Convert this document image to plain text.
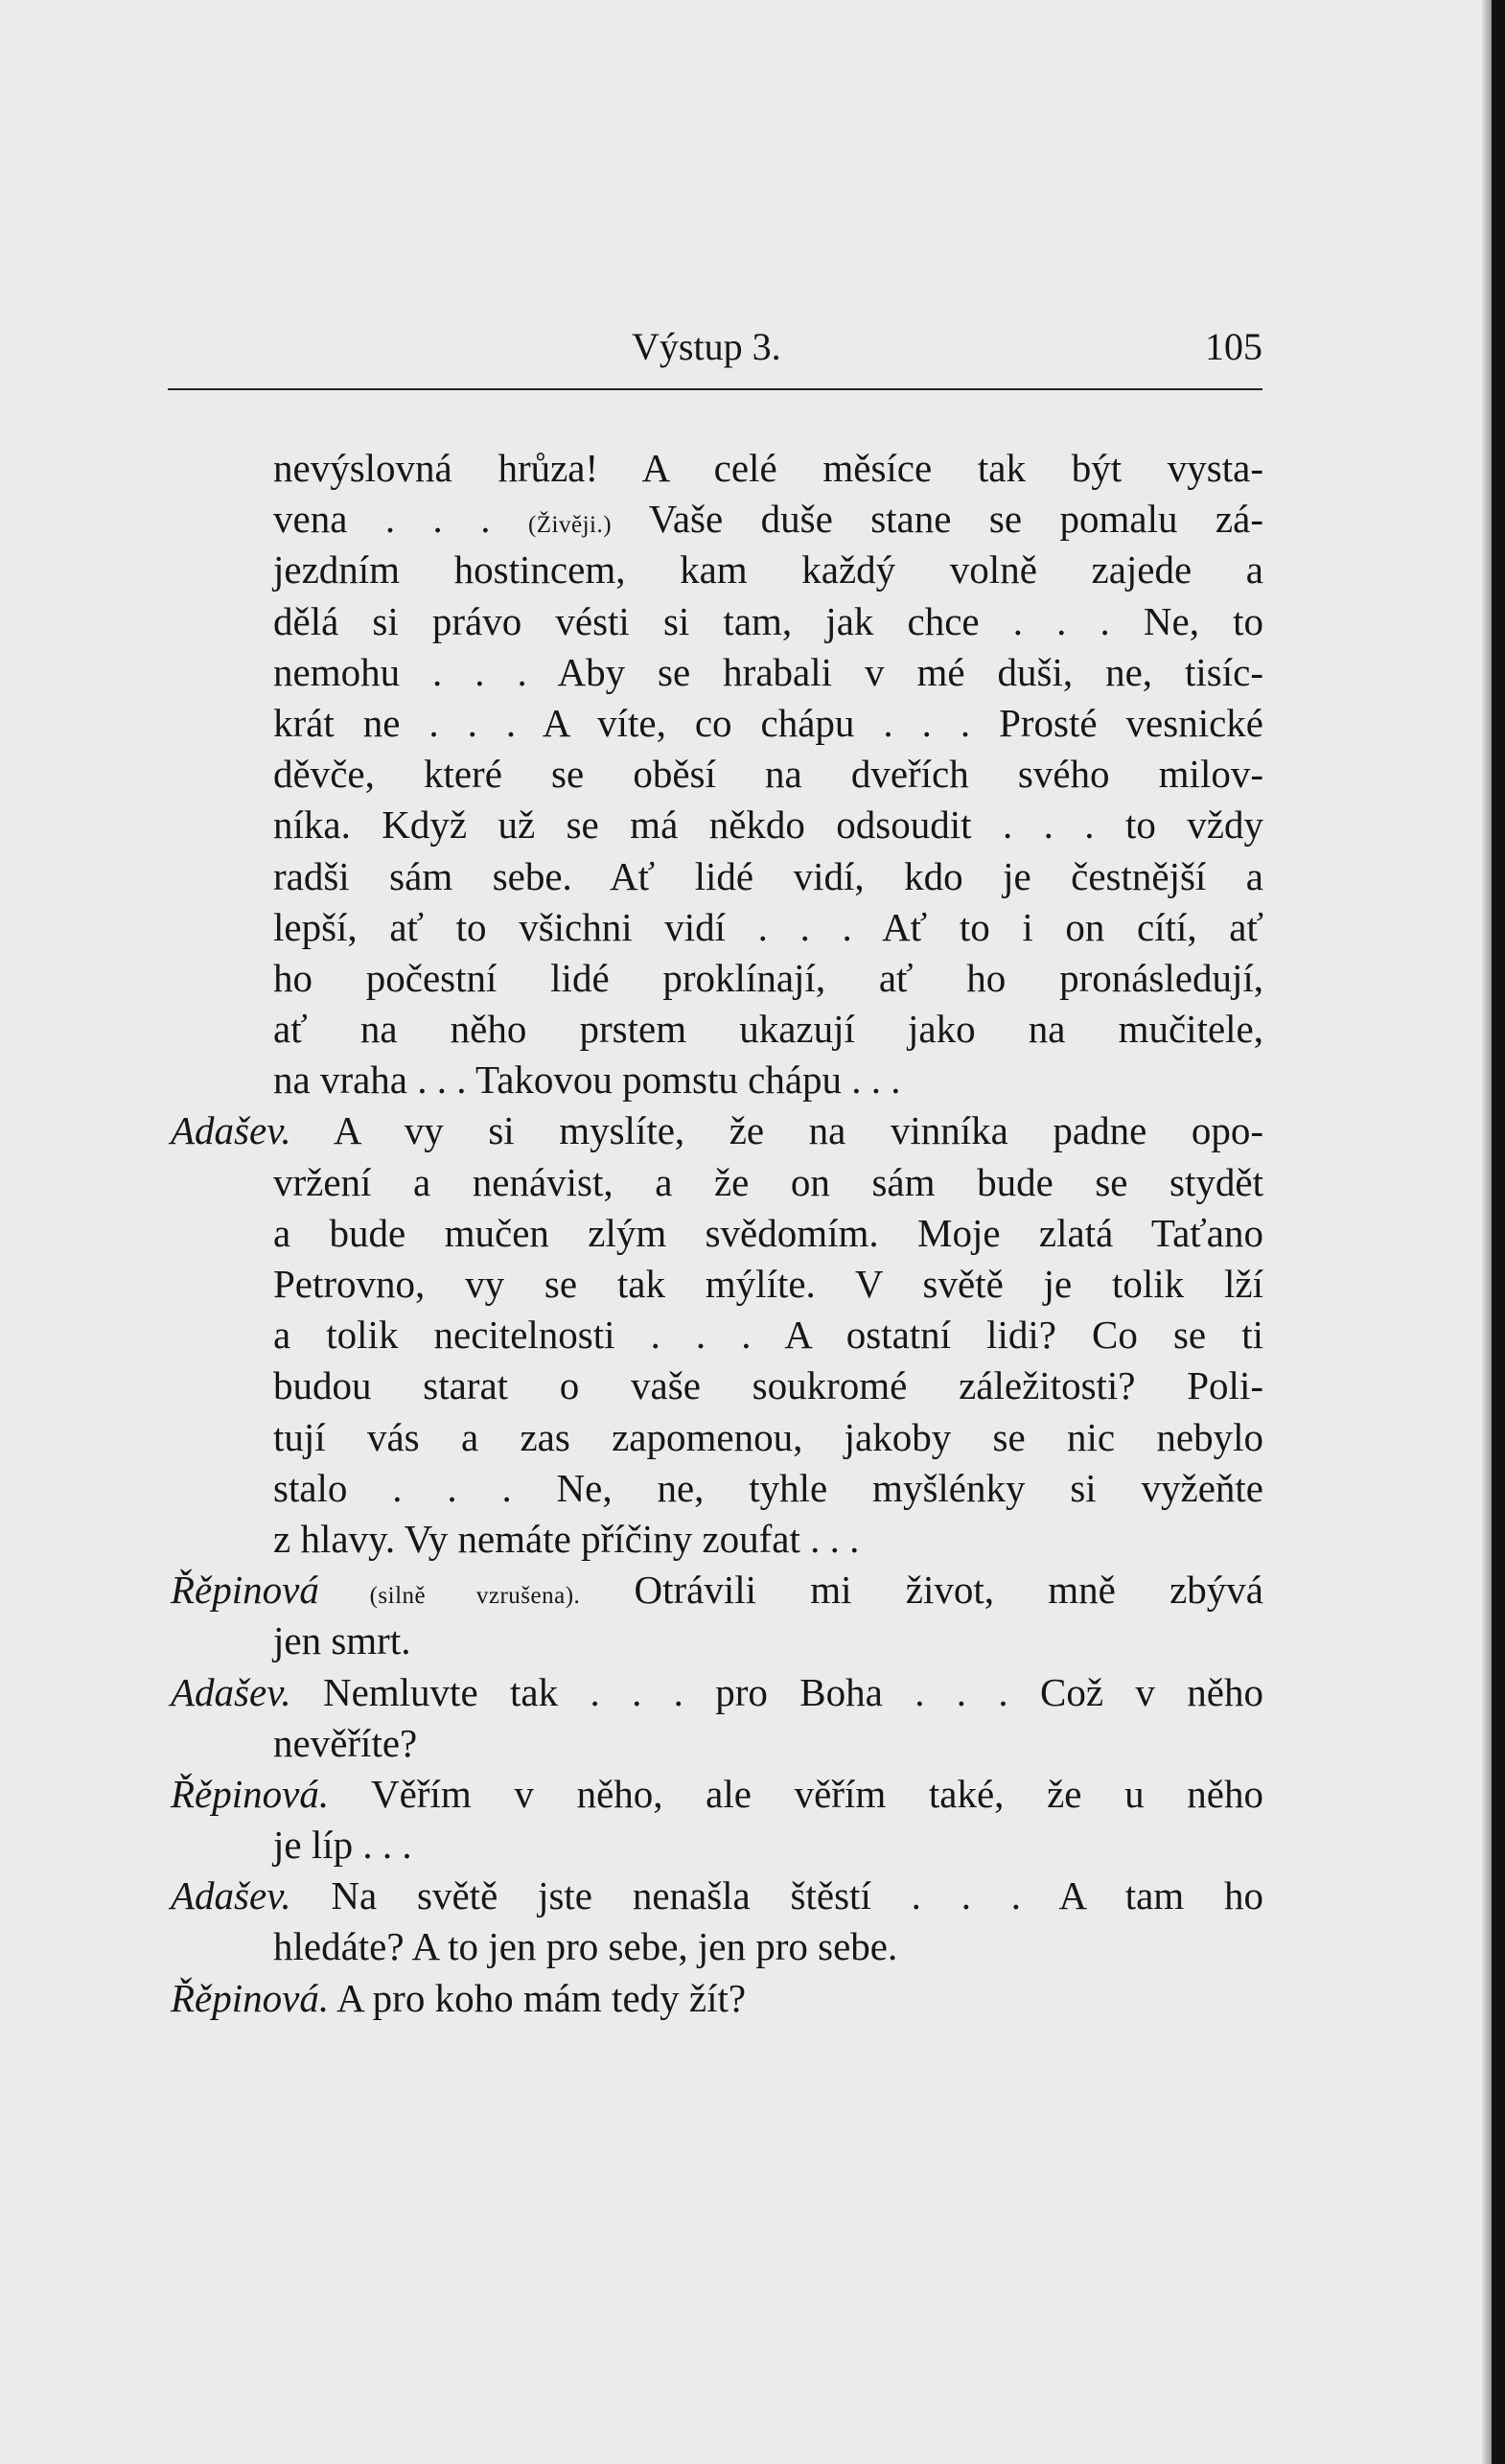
Výstup 3.	105
nevýslovná hrůza! A celé měsíce tak být vysta-
vena . . . (Živěji.) Vaše duše stane se pomalu zá-
jezdním hostincem, kam každý volně zajede a
dělá si právo vésti si tam, jak chce . . . Ne, to
nemohu . . . Aby se hrabali v mé duši, ne, tisíc-
krát ne . . . A víte, co chápu . . . Prosté vesnické
děvče, které se oběsí na dveřích svého milov-
níka. Když už se má někdo odsoudit . . . to vždy
radši sám sebe. Ať lidé vidí, kdo je čestnější a
lepší, ať to všichni vidí . . . Ať to i on cítí, ať
ho počestní lidé proklínají, ať ho pronásledují,
ať na něho prstem ukazují jako na mučitele,
na vraha . . . Takovou pomstu chápu . . .
Adašev. A vy si myslíte, že na vinníka padne opo-
vržení a nenávist, a že on sám bude se stydět
a bude mučen zlým svědomím. Moje zlatá Taťano
Petrovno, vy se tak mýlíte. V světě je tolik lží
a tolik necitelnosti . . . A ostatní lidi? Co se ti
budou starat o vaše soukromé záležitosti? Poli-
tují vás a zas zapomenou, jakoby se nic nebylo
stalo . . . Ne, ne, tyhle myšlénky si vyžeňte
z hlavy. Vy nemáte příčiny zoufat . . .
Řěpinová (silně vzrušena). Otrávili mi život, mně zbývá
jen smrt.
Adašev. Nemluvte tak . . . pro Boha . . . Což v něho
nevěříte?
Řěpinová. Věřím v něho, ale věřím také, že u něho
je líp . . .
Adašev. Na světě jste nenašla štěstí . . . A tam ho
hledáte? A to jen pro sebe, jen pro sebe.
Řěpinová. A pro koho mám tedy žít?
